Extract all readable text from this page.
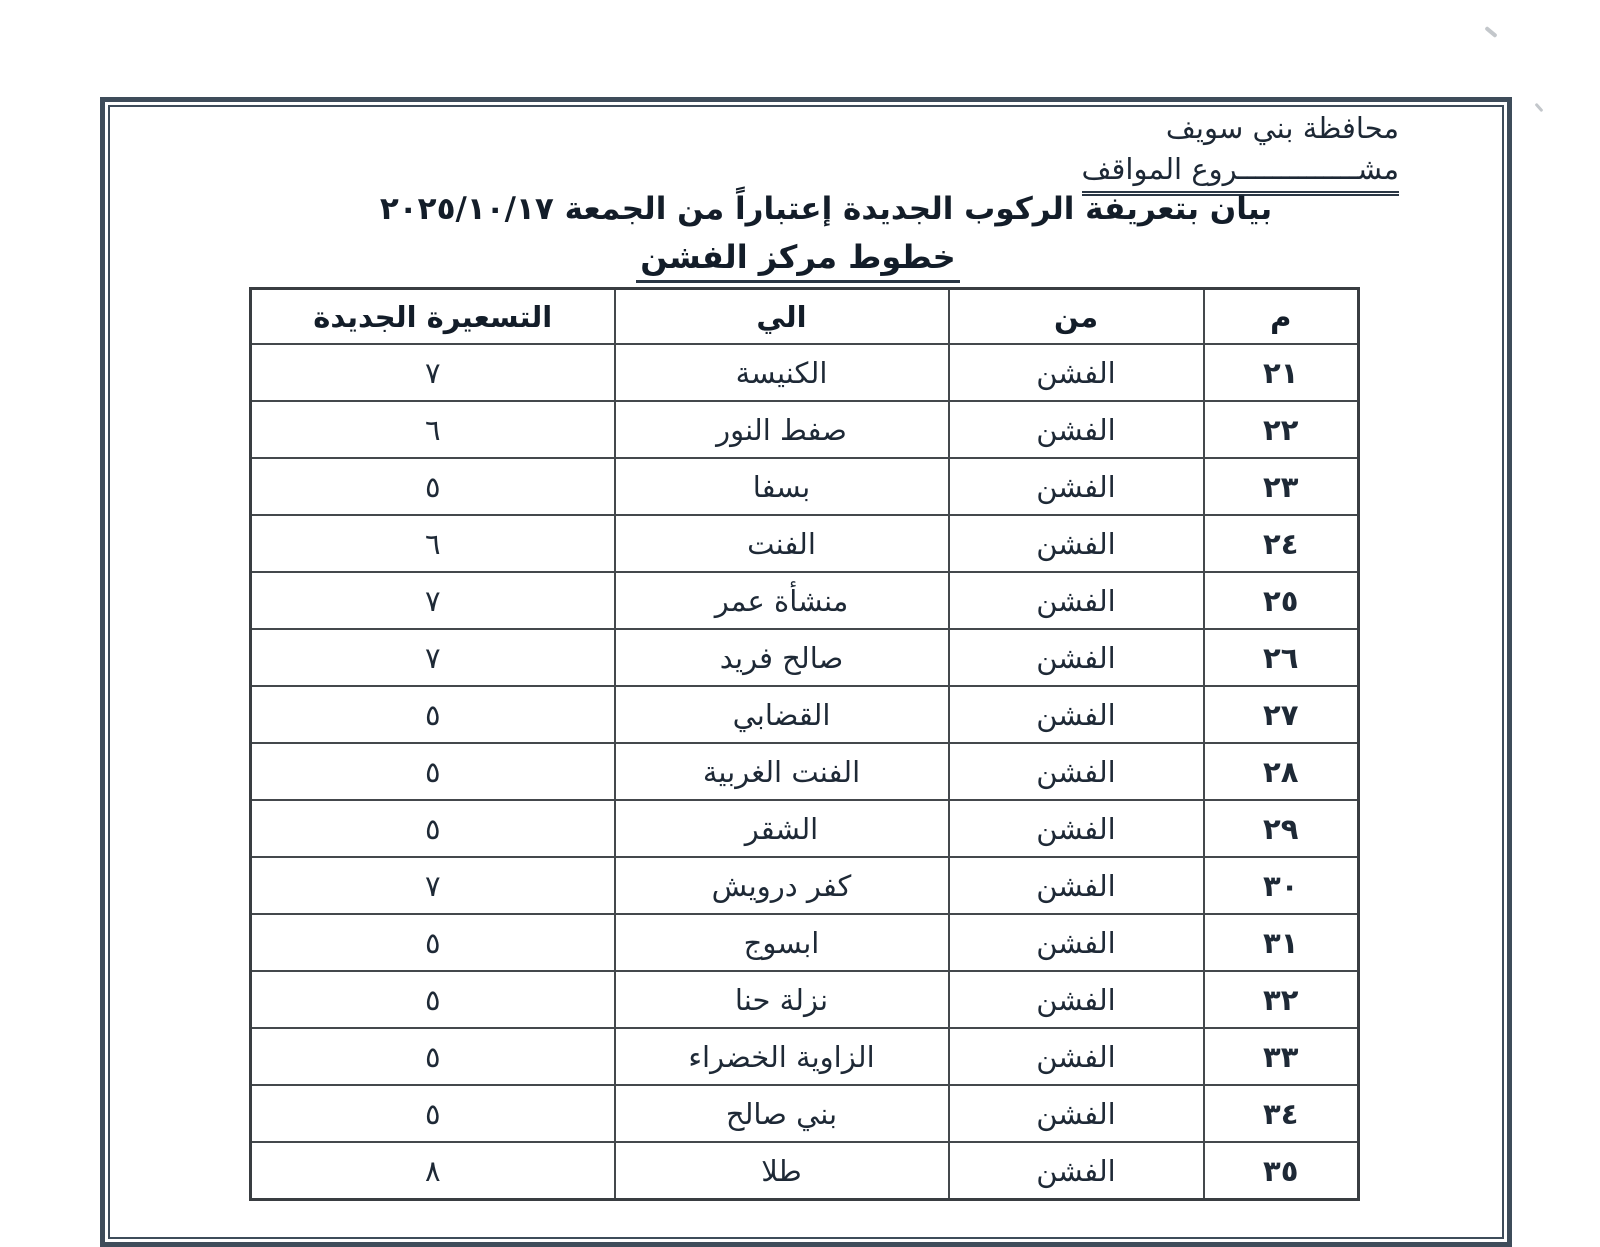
محافظة بني سويف
مشــــــــــــــروع المواقف
بيان بتعريفة الركوب الجديدة إعتباراً من الجمعة ٢٠٢٥/١٠/١٧
خطوط مركز الفشن
م	من	الي	التسعيرة الجديدة
٢١	الفشن	الكنيسة	٧
٢٢	الفشن	صفط النور	٦
٢٣	الفشن	بسفا	٥
٢٤	الفشن	الفنت	٦
٢٥	الفشن	منشأة عمر	٧
٢٦	الفشن	صالح فريد	٧
٢٧	الفشن	القضابي	٥
٢٨	الفشن	الفنت الغربية	٥
٢٩	الفشن	الشقر	٥
٣٠	الفشن	كفر درويش	٧
٣١	الفشن	ابسوج	٥
٣٢	الفشن	نزلة حنا	٥
٣٣	الفشن	الزاوية الخضراء	٥
٣٤	الفشن	بني صالح	٥
٣٥	الفشن	طلا	٨
